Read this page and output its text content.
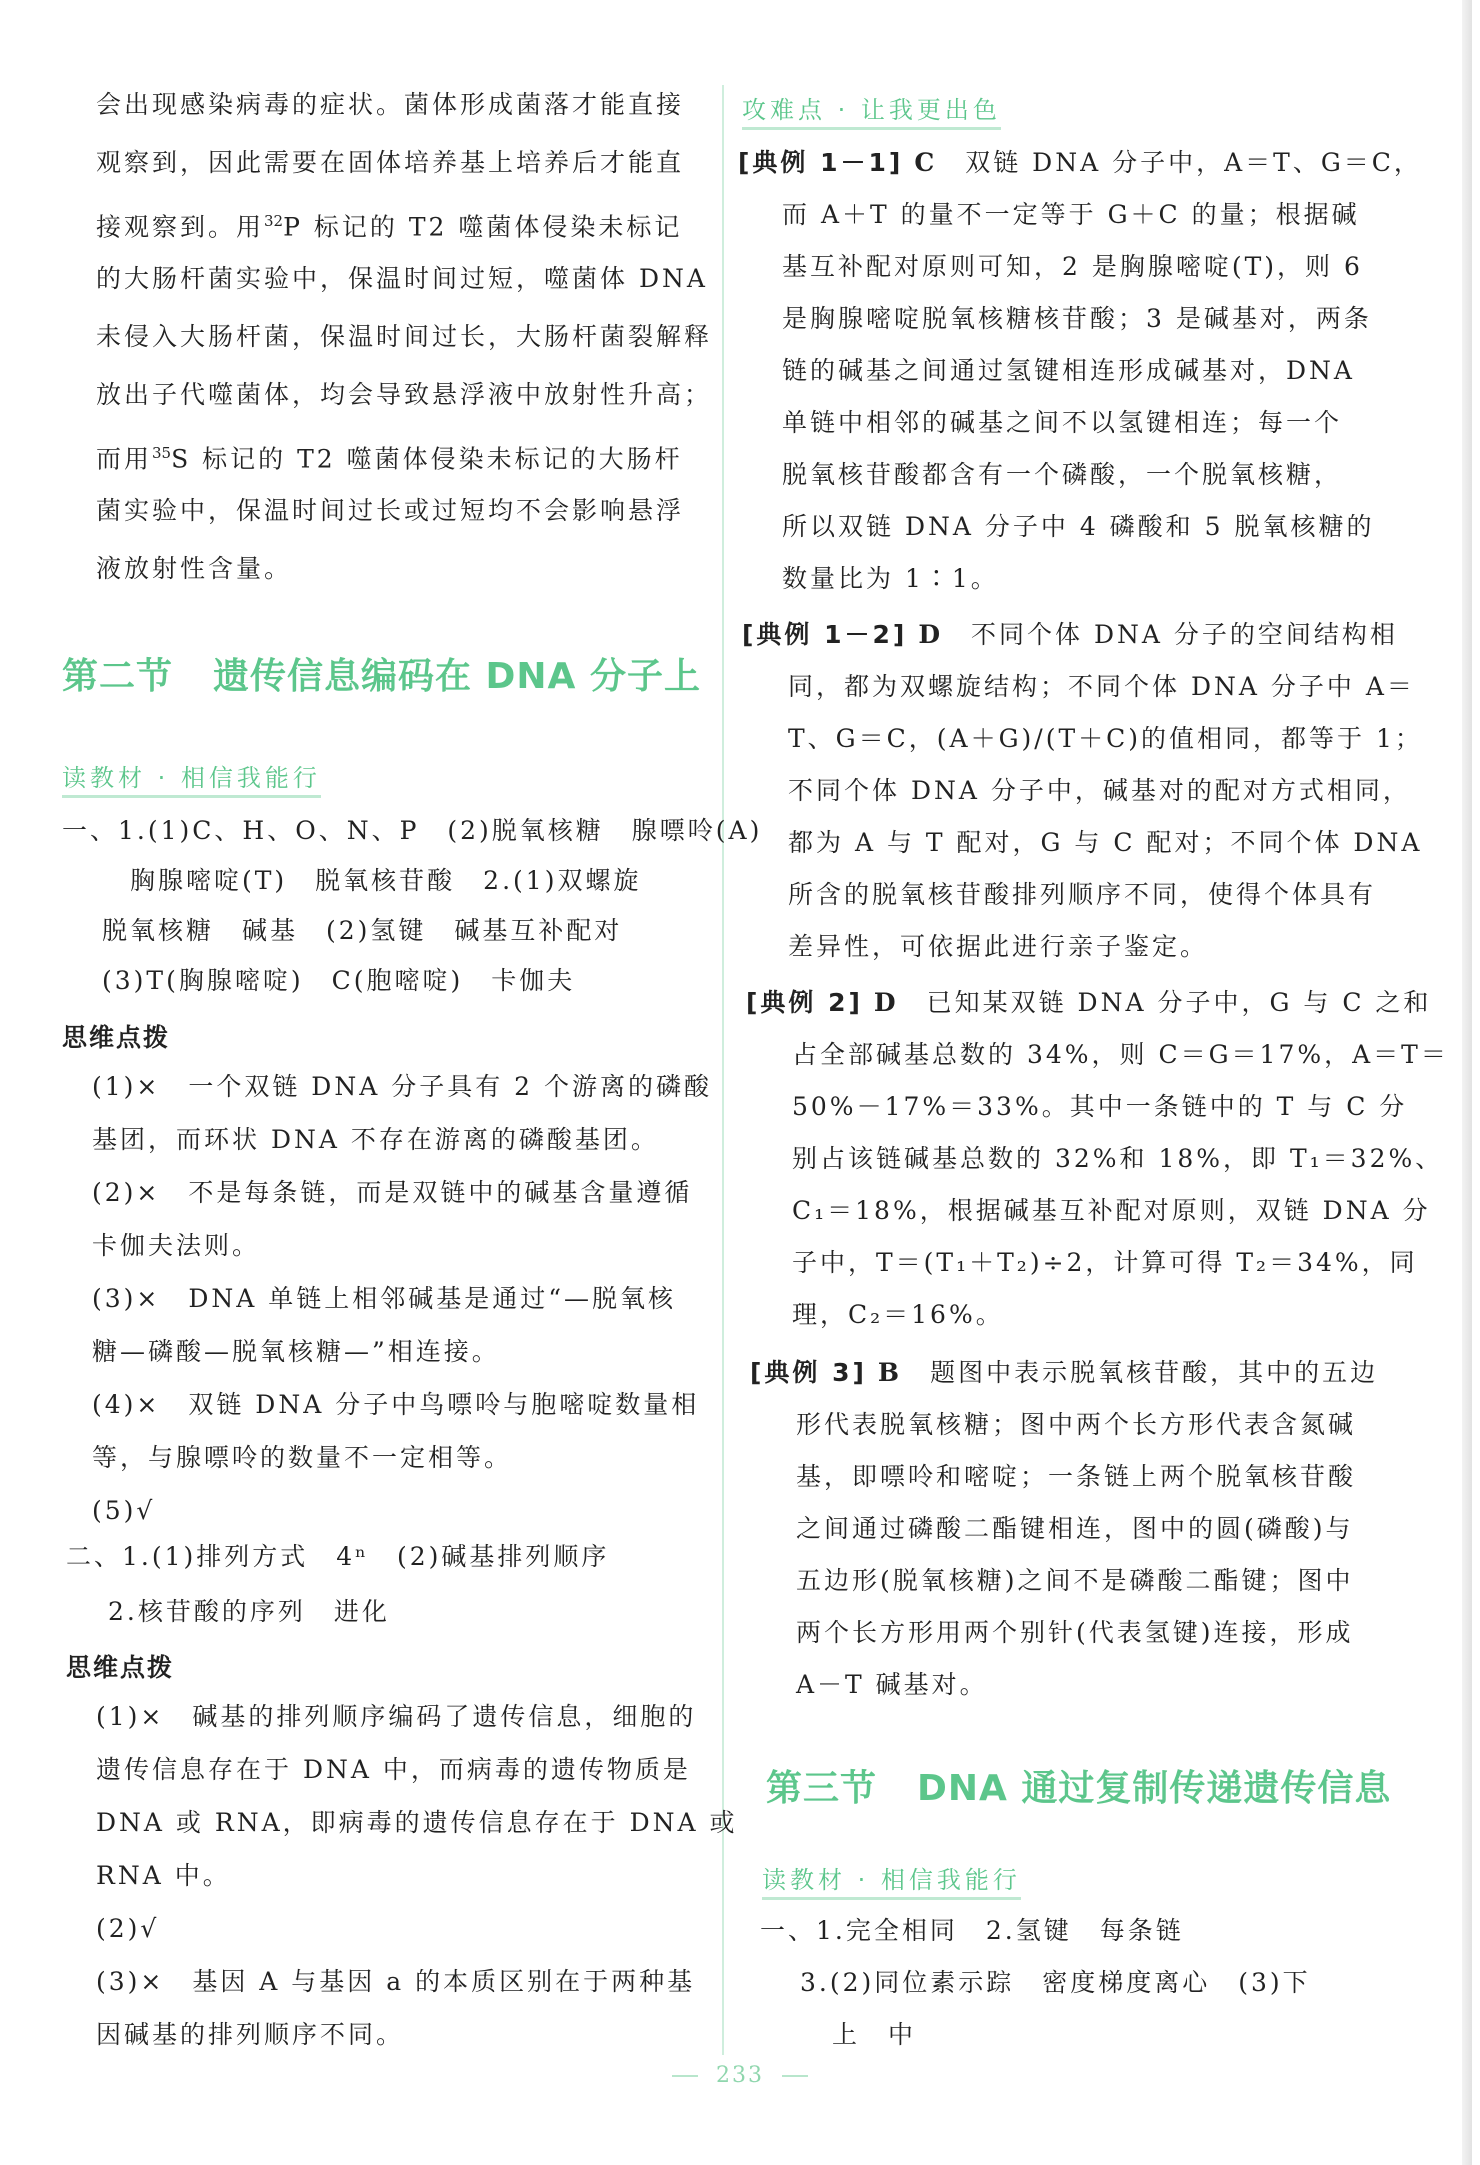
会出现感染病毒的症状。菌体形成菌落才能直接
观察到，因此需要在固体培养基上培养后才能直
接观察到。用$^{32}$P 标记的 T2 噬菌体侵染未标记
的大肠杆菌实验中，保温时间过短，噬菌体 DNA
未侵入大肠杆菌，保温时间过长，大肠杆菌裂解释
放出子代噬菌体，均会导致悬浮液中放射性升高；
而用$^{35}$S 标记的 T2 噬菌体侵染未标记的大肠杆
菌实验中，保温时间过长或过短均不会影响悬浮
液放射性含量。
第二节 遗传信息编码在 DNA 分子上
读教材 · 相信我能行
一、1.(1)C、H、O、N、P　(2)脱氧核糖　腺嘌呤(A)
胸腺嘧啶(T)　脱氧核苷酸　2.(1)双螺旋
脱氧核糖　碱基　(2)氢键　碱基互补配对
(3)T(胸腺嘧啶)　C(胞嘧啶)　卡伽夫
思维点拨
(1)×　一个双链 DNA 分子具有 2 个游离的磷酸
基团，而环状 DNA 不存在游离的磷酸基团。
(2)×　不是每条链，而是双链中的碱基含量遵循
卡伽夫法则。
(3)×　DNA 单链上相邻碱基是通过“—脱氧核
糖—磷酸—脱氧核糖—”相连接。
(4)×　双链 DNA 分子中鸟嘌呤与胞嘧啶数量相
等，与腺嘌呤的数量不一定相等。
(5)√
二、1.(1)排列方式　4ⁿ　(2)碱基排列顺序
2.核苷酸的序列　进化
思维点拨
(1)×　碱基的排列顺序编码了遗传信息，细胞的
遗传信息存在于 DNA 中，而病毒的遗传物质是
DNA 或 RNA，即病毒的遗传信息存在于 DNA 或
RNA 中。
(2)√
(3)×　基因 A 与基因 a 的本质区别在于两种基
因碱基的排列顺序不同。
攻难点 · 让我更出色
[典例 1－1] C　 双链 DNA 分子中，A＝T、G＝C，
而 A＋T 的量不一定等于 G＋C 的量；根据碱
基互补配对原则可知，2 是胸腺嘧啶(T)，则 6
是胸腺嘧啶脱氧核糖核苷酸；3 是碱基对，两条
链的碱基之间通过氢键相连形成碱基对，DNA
单链中相邻的碱基之间不以氢键相连；每一个
脱氧核苷酸都含有一个磷酸，一个脱氧核糖，
所以双链 DNA 分子中 4 磷酸和 5 脱氧核糖的
数量比为 1∶1。
[典例 1－2] D　 不同个体 DNA 分子的空间结构相
同，都为双螺旋结构；不同个体 DNA 分子中 A＝
T、G＝C，(A＋G)/(T＋C)的值相同，都等于 1；
不同个体 DNA 分子中，碱基对的配对方式相同，
都为 A 与 T 配对，G 与 C 配对；不同个体 DNA
所含的脱氧核苷酸排列顺序不同，使得个体具有
差异性，可依据此进行亲子鉴定。
[典例 2] D　 已知某双链 DNA 分子中，G 与 C 之和
占全部碱基总数的 34%，则 C＝G＝17%，A＝T＝
50%－17%＝33%。其中一条链中的 T 与 C 分
别占该链碱基总数的 32%和 18%，即 T₁＝32%、
C₁＝18%，根据碱基互补配对原则，双链 DNA 分
子中，T＝(T₁＋T₂)÷2，计算可得 T₂＝34%，同
理，C₂＝16%。
[典例 3] B　 题图中表示脱氧核苷酸，其中的五边
形代表脱氧核糖；图中两个长方形代表含氮碱
基，即嘌呤和嘧啶；一条链上两个脱氧核苷酸
之间通过磷酸二酯键相连，图中的圆(磷酸)与
五边形(脱氧核糖)之间不是磷酸二酯键；图中
两个长方形用两个别针(代表氢键)连接，形成
A－T 碱基对。
第三节 DNA 通过复制传递遗传信息
读教材 · 相信我能行
一、1.完全相同　2.氢键　每条链
3.(2)同位素示踪　密度梯度离心　(3)下
上　中
233
